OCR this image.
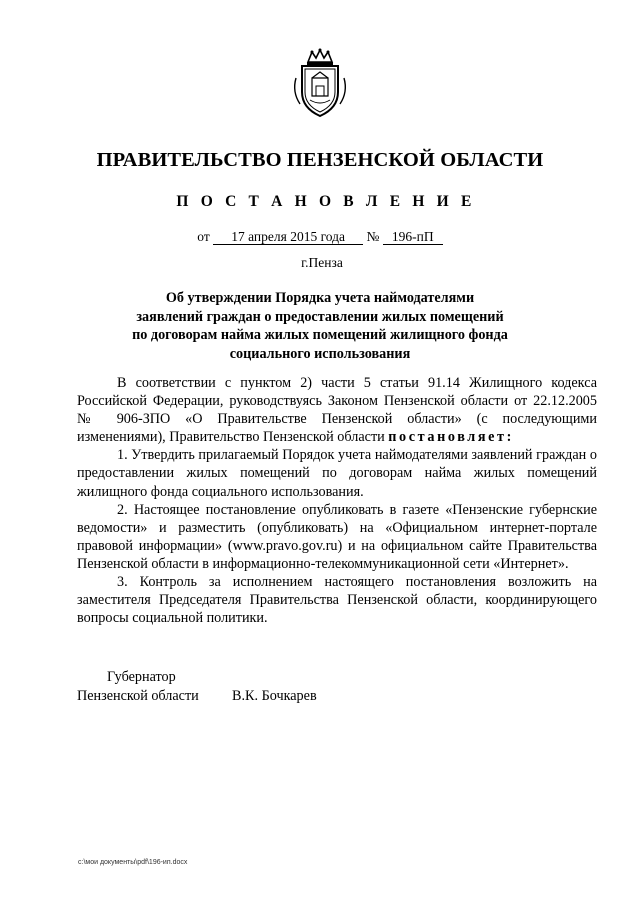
ПРАВИТЕЛЬСТВО ПЕНЗЕНСКОЙ ОБЛАСТИ
П О С Т А Н О В Л Е Н И Е
от 17 апреля 2015 года № 196-пП
г.Пенза
Об утверждении Порядка учета наймодателями
заявлений граждан о предоставлении жилых помещений
по договорам найма жилых помещений жилищного фонда
социального использования

В соответствии с пунктом 2) части 5 статьи 91.14 Жилищного кодекса Российской Федерации, руководствуясь Законом Пензенской области от 22.12.2005 № 906-ЗПО «О Правительстве Пензенской области» (с последующими изменениями), Правительство Пензенской области постановляет:

1. Утвердить прилагаемый Порядок учета наймодателями заявлений граждан о предоставлении жилых помещений по договорам найма жилых помещений жилищного фонда социального использования.

2. Настоящее постановление опубликовать в газете «Пензенские губернские ведомости» и разместить (опубликовать) на «Официальном интернет-портале правовой информации» (www.pravo.gov.ru) и на официальном сайте Правительства Пензенской области в информационно-телекоммуникационной сети «Интернет».

3. Контроль за исполнением настоящего постановления возложить на заместителя Председателя Правительства Пензенской области, координирующего вопросы социальной политики.

Губернатор
Пензенской области В.К. Бочкарев
c:\мои документы\pdf\196-ип.docx
